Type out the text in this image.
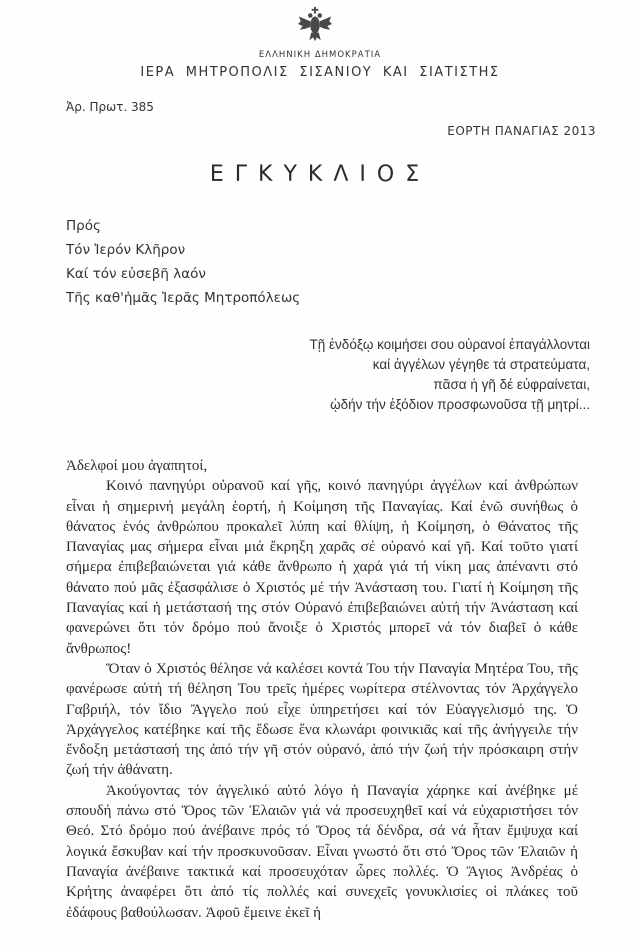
ΕΛΛΗΝΙΚΗ ΔΗΜΟΚΡΑΤΙΑ
ΙΕΡΑ ΜΗΤΡΟΠΟΛΙΣ ΣΙΣΑΝΙΟΥ ΚΑΙ ΣΙΑΤΙΣΤΗΣ
Ἀρ. Πρωτ. 385
ΕΟΡΤΗ ΠΑΝΑΓΙΑΣ 2013
ΕΓΚΥΚΛΙΟΣ
Πρός
Τόν Ἱερόν Κλῆρον
Καί τόν εὐσεβῆ λαόν
Τῆς καθ'ἡμᾶς Ἱερᾶς Μητροπόλεως
Τῇ ἐνδόξῳ κοιμήσει σου οὐρανοί ἐπαγάλλονται
καί ἀγγέλων γέγηθε τά στρατεύματα,
πᾶσα ἡ γῆ δέ εὐφραίνεται,
ᾠδήν τήν ἐξόδιον προσφωνοῦσα τῇ μητρί...

Ἀδελφοί μου ἀγαπητοί,

Κοινό πανηγύρι οὐρανοῦ καί γῆς, κοινό πανηγύρι ἀγγέλων καί ἀνθρώπων εἶναι ἡ σημερινή μεγάλη ἑορτή, ἡ Κοίμηση τῆς Παναγίας. Καί ἐνῶ συνήθως ὁ θάνατος ἑνός ἀνθρώπου προκαλεῖ λύπη καί θλίψη, ἡ Κοίμηση, ὁ Θάνατος τῆς Παναγίας μας σήμερα εἶναι μιά ἔκρηξη χαρᾶς σέ οὐρανό καί γῆ. Καί τοῦτο γιατί σήμερα ἐπιβεβαιώνεται γιά κάθε ἄνθρωπο ἡ χαρά γιά τή νίκη μας ἀπέναντι στό θάνατο πού μᾶς ἐξασφάλισε ὁ Χριστός μέ τήν Ἀνάσταση του. Γιατί ἡ Κοίμηση τῆς Παναγίας καί ἡ μετάστασή της στόν Οὐρανό ἐπιβεβαιώνει αὐτή τήν Ἀνάσταση καί φανερώνει ὅτι τόν δρόμο πού ἄνοιξε ὁ Χριστός μπορεῖ νά τόν διαβεῖ ὁ κάθε ἄνθρωπος!

Ὅταν ὁ Χριστός θέλησε νά καλέσει κοντά Του τήν Παναγία Μητέρα Του, τῆς φανέρωσε αὐτή τή θέληση Του τρεῖς ἡμέρες νωρίτερα στέλνοντας τόν Ἀρχάγγελο Γαβριήλ, τόν ἴδιο Ἄγγελο πού εἶχε ὑπηρετήσει καί τόν Εὐαγγελισμό της. Ὁ Ἀρχάγγελος κατέβηκε καί τῆς ἔδωσε ἕνα κλωνάρι φοινικιᾶς καί τῆς ἀνήγγειλε τήν ἔνδοξη μετάστασή της ἀπό τήν γῆ στόν οὐρανό, ἀπό τήν ζωή τήν πρόσκαιρη στήν ζωή τήν ἀθάνατη.

Ἀκούγοντας τόν ἀγγελικό αὐτό λόγο ἡ Παναγία χάρηκε καί ἀνέβηκε μέ σπουδή πάνω στό Ὄρος τῶν Ἐλαιῶν γιά νά προσευχηθεῖ καί νά εὐχαριστήσει τόν Θεό. Στό δρόμο πού ἀνέβαινε πρός τό Ὄρος τά δένδρα, σά νά ἦταν ἔμψυχα καί λογικά ἔσκυβαν καί τήν προσκυνοῦσαν. Εἶναι γνωστό ὅτι στό Ὄρος τῶν Ἐλαιῶν ἡ Παναγία ἀνέβαινε τακτικά καί προσευχόταν ὧρες πολλές. Ὁ Ἅγιος Ἀνδρέας ὁ Κρήτης ἀναφέρει ὅτι ἀπό τίς πολλές καί συνεχεῖς γονυκλισίες οἱ πλάκες τοῦ ἐδάφους βαθούλωσαν. Ἀφοῦ ἔμεινε ἐκεῖ ἡ
